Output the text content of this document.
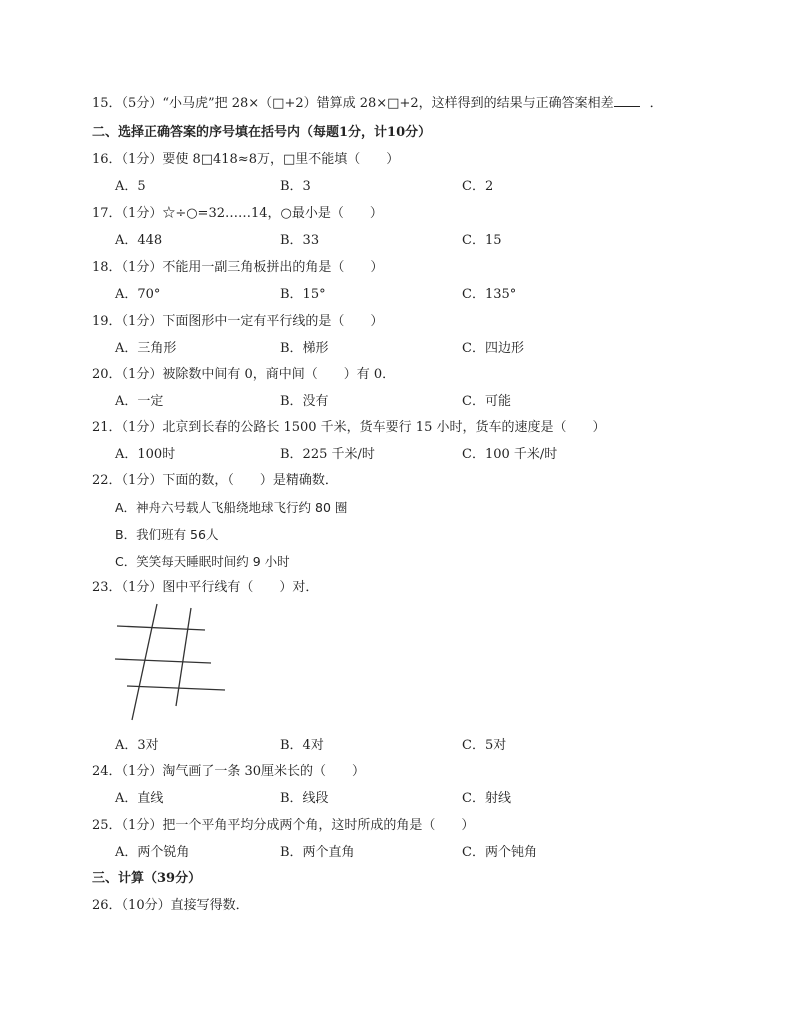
15．（5分）“小马虎”把 28×（□+2）错算成 28×□+2，这样得到的结果与正确答案相差	．
二、选择正确答案的序号填在括号内（每题1分，计10分）
16．（1分）要使 8□418≈8万，□里不能填（　　）
A．5	B．3	C．2
17．（1分）☆÷○=32……14，○最小是（　　）
A．448	B．33	C．15
18．（1分）不能用一副三角板拼出的角是（　　）
A．70°	B．15°	C．135°
19．（1分）下面图形中一定有平行线的是（　　）
A．三角形	B．梯形	C．四边形
20．（1分）被除数中间有 0，商中间（　　）有 0．
A．一定	B．没有	C．可能
21．（1分）北京到长春的公路长 1500 千米，货车要行 15 小时，货车的速度是（　　）
A．100时	B．225 千米/时	C．100 千米/时
22．（1分）下面的数，（　　）是精确数．
A．神舟六号载人飞船绕地球飞行约 80 圈
B．我们班有 56人
C．笑笑每天睡眠时间约 9 小时
23．（1分）图中平行线有（　　）对．
A．3对	B．4对	C．5对
24．（1分）淘气画了一条 30厘米长的（　　）
A．直线	B．线段	C．射线
25．（1分）把一个平角平均分成两个角，这时所成的角是（　　）
A．两个锐角	B．两个直角	C．两个钝角
三、计算（39分）
26．（10分）直接写得数．
